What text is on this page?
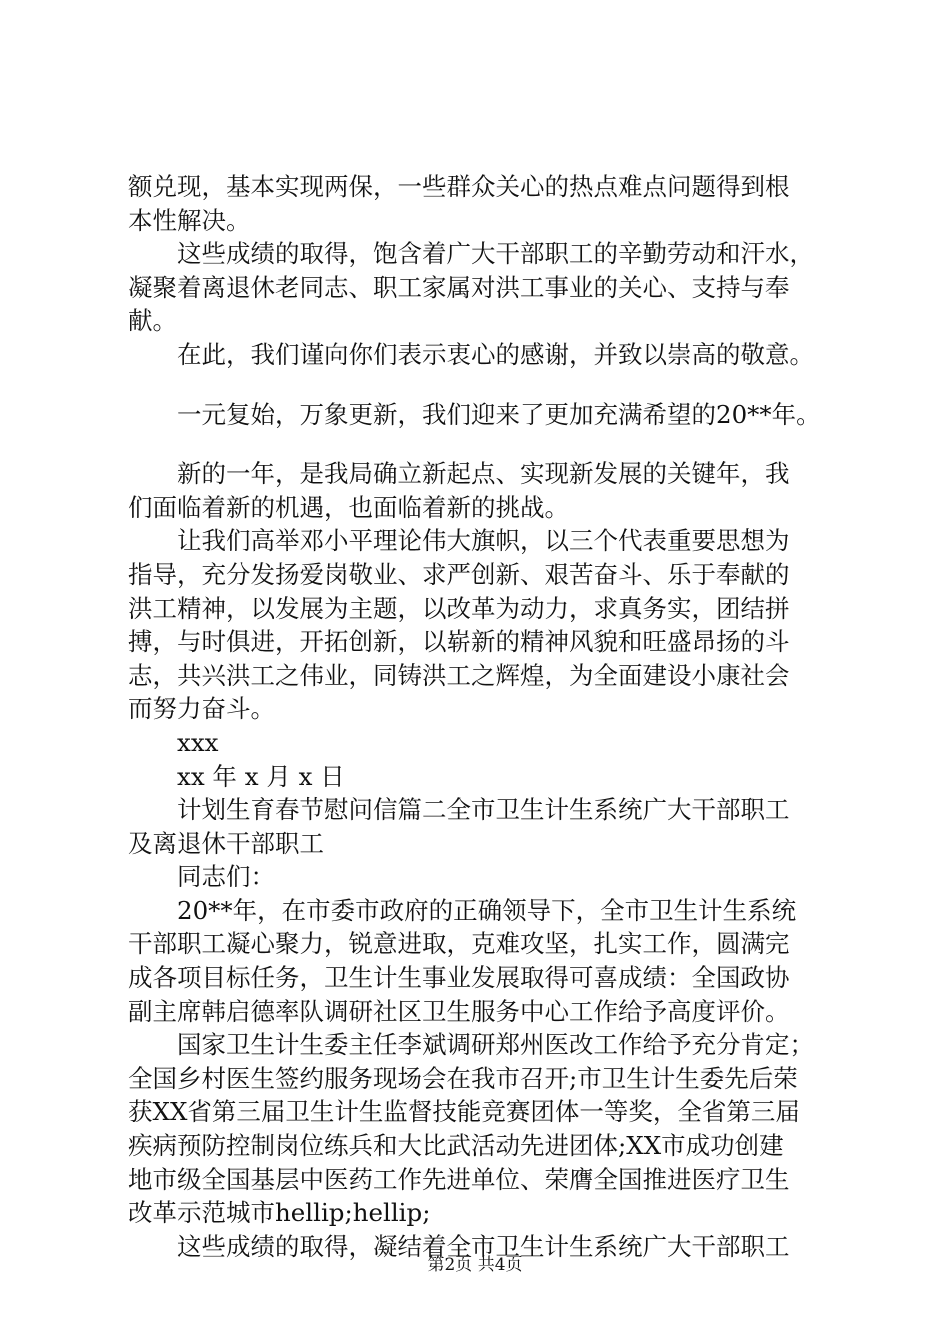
额兑现，基本实现两保，一些群众关心的热点难点问题得到根
本性解决。
　　这些成绩的取得，饱含着广大干部职工的辛勤劳动和汗水，
凝聚着离退休老同志、职工家属对洪工事业的关心、支持与奉
献。
　　在此，我们谨向你们表示衷心的感谢，并致以崇高的敬意。
　　一元复始，万象更新，我们迎来了更加充满希望的20**年。
　　新的一年，是我局确立新起点、实现新发展的关键年，我
们面临着新的机遇，也面临着新的挑战。
　　让我们高举邓小平理论伟大旗帜，以三个代表重要思想为
指导，充分发扬爱岗敬业、求严创新、艰苦奋斗、乐于奉献的
洪工精神，以发展为主题，以改革为动力，求真务实，团结拼
搏，与时俱进，开拓创新，以崭新的精神风貌和旺盛昂扬的斗
志，共兴洪工之伟业，同铸洪工之辉煌，为全面建设小康社会
而努力奋斗。
　　xxx
　　xx 年 x 月 x 日
　　计划生育春节慰问信篇二全市卫生计生系统广大干部职工
及离退休干部职工
　　同志们：
　　20**年，在市委市政府的正确领导下，全市卫生计生系统
干部职工凝心聚力，锐意进取，克难攻坚，扎实工作，圆满完
成各项目标任务，卫生计生事业发展取得可喜成绩：全国政协
副主席韩启德率队调研社区卫生服务中心工作给予高度评价。
　　国家卫生计生委主任李斌调研郑州医改工作给予充分肯定；
全国乡村医生签约服务现场会在我市召开;市卫生计生委先后荣
获XX省第三届卫生计生监督技能竞赛团体一等奖，全省第三届
疾病预防控制岗位练兵和大比武活动先进团体;XX市成功创建
地市级全国基层中医药工作先进单位、荣膺全国推进医疗卫生
改革示范城市hellip;hellip;
　　这些成绩的取得，凝结着全市卫生计生系统广大干部职工
第2页 共4页
